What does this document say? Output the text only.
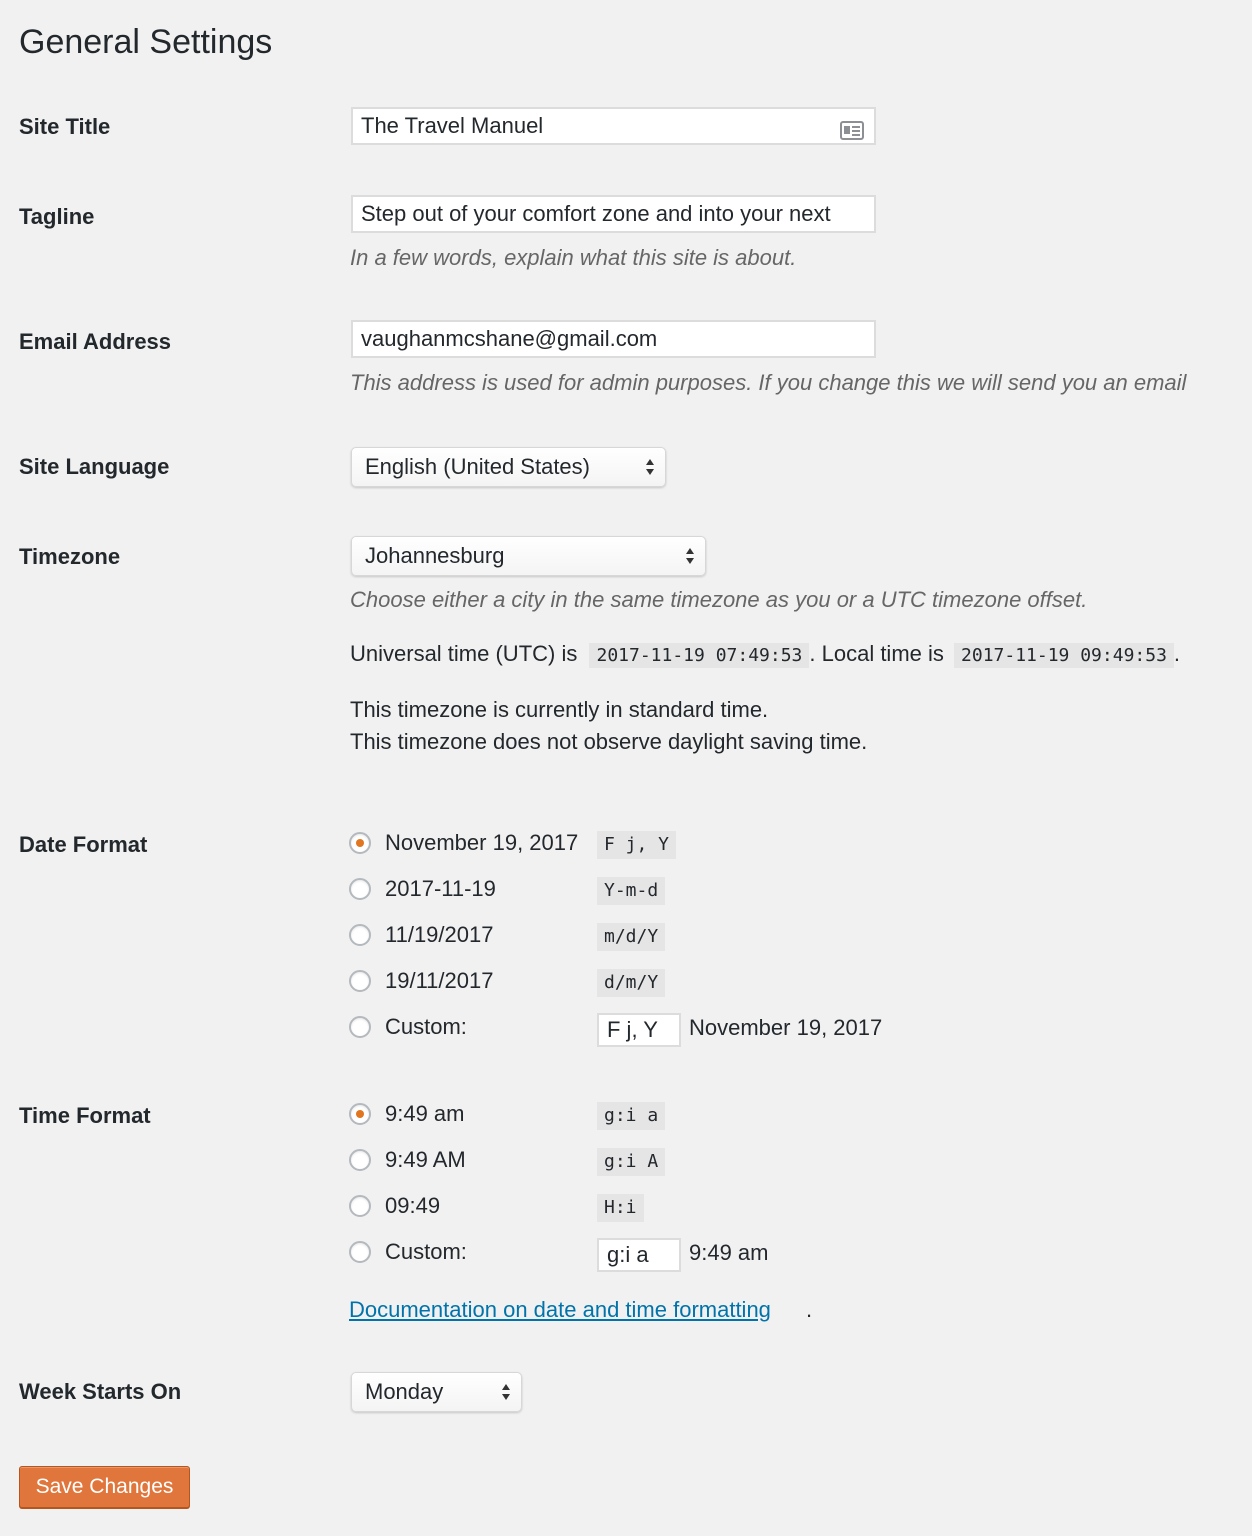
General Settings
Site Title	The Travel Manuel
Tagline	Step out of your comfort zone and into your next
In a few words, explain what this site is about.
Email Address	vaughanmcshane@gmail.com
This address is used for admin purposes. If you change this we will send you an email
Site Language	English (United States)
Timezone	Johannesburg
Choose either a city in the same timezone as you or a UTC timezone offset.
Universal time (UTC) is 2017-11-19 07:49:53 . Local time is 2017-11-19 09:49:53 .
This timezone is currently in standard time.
This timezone does not observe daylight saving time.
Date Format	November 19, 2017	F j, Y
2017-11-19	Y-m-d
11/19/2017	m/d/Y
19/11/2017	d/m/Y
Custom:	F j, Y	November 19, 2017
Time Format	9:49 am	g:i a
9:49 AM	g:i A
09:49	H:i
Custom:	g:i a	9:49 am
Documentation on date and time formatting .
Week Starts On	Monday
Save Changes
